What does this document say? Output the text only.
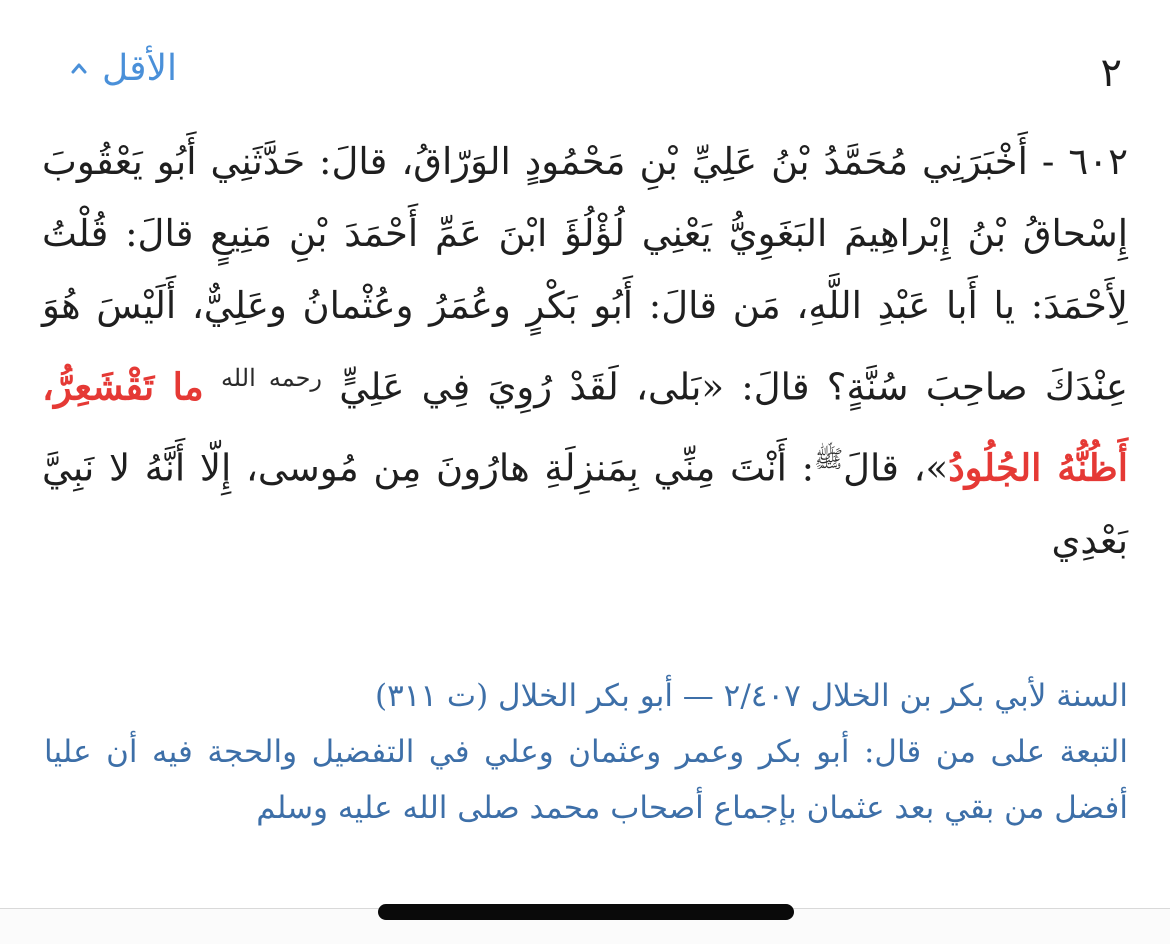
٢
الأقل

٦٠٢ - أَخْبَرَنِي مُحَمَّدُ بْنُ عَلِيِّ بْنِ مَحْمُودٍ الوَرّاقُ، قالَ: حَدَّثَنِي أَبُو يَعْقُوبَ إِسْحاقُ بْنُ إِبْراهِيمَ البَغَوِيُّ يَعْنِي لُؤْلُؤَ ابْنَ عَمِّ أَحْمَدَ بْنِ مَنِيعٍ قالَ: قُلْتُ لِأَحْمَدَ: يا أَبا عَبْدِ اللَّهِ، مَن قالَ: أَبُو بَكْرٍ وعُمَرُ وعُثْمانُ وعَلِيٌّ، أَلَيْسَ هُوَ عِنْدَكَ صاحِبَ سُنَّةٍ؟ قالَ: «بَلى، لَقَدْ رُوِيَ فِي عَلِيٍّ $^{رحمه الله}$ ما تَقْشَعِرُّ، أَظُنُّهُ الجُلُودُ»، قالَ$^ﷺ$: أَنْتَ مِنِّي بِمَنزِلَةِ هارُونَ مِن مُوسى، إِلّا أَنَّهُ لا نَبِيَّ بَعْدِي

السنة لأبي بكر بن الخلال ٢/٤٠٧ — أبو بكر الخلال (ت ٣١١)
التبعة على من قال: أبو بكر وعمر وعثمان وعلي في التفضيل والحجة فيه أن عليا أفضل من بقي بعد عثمان بإجماع أصحاب محمد صلى الله عليه وسلم
